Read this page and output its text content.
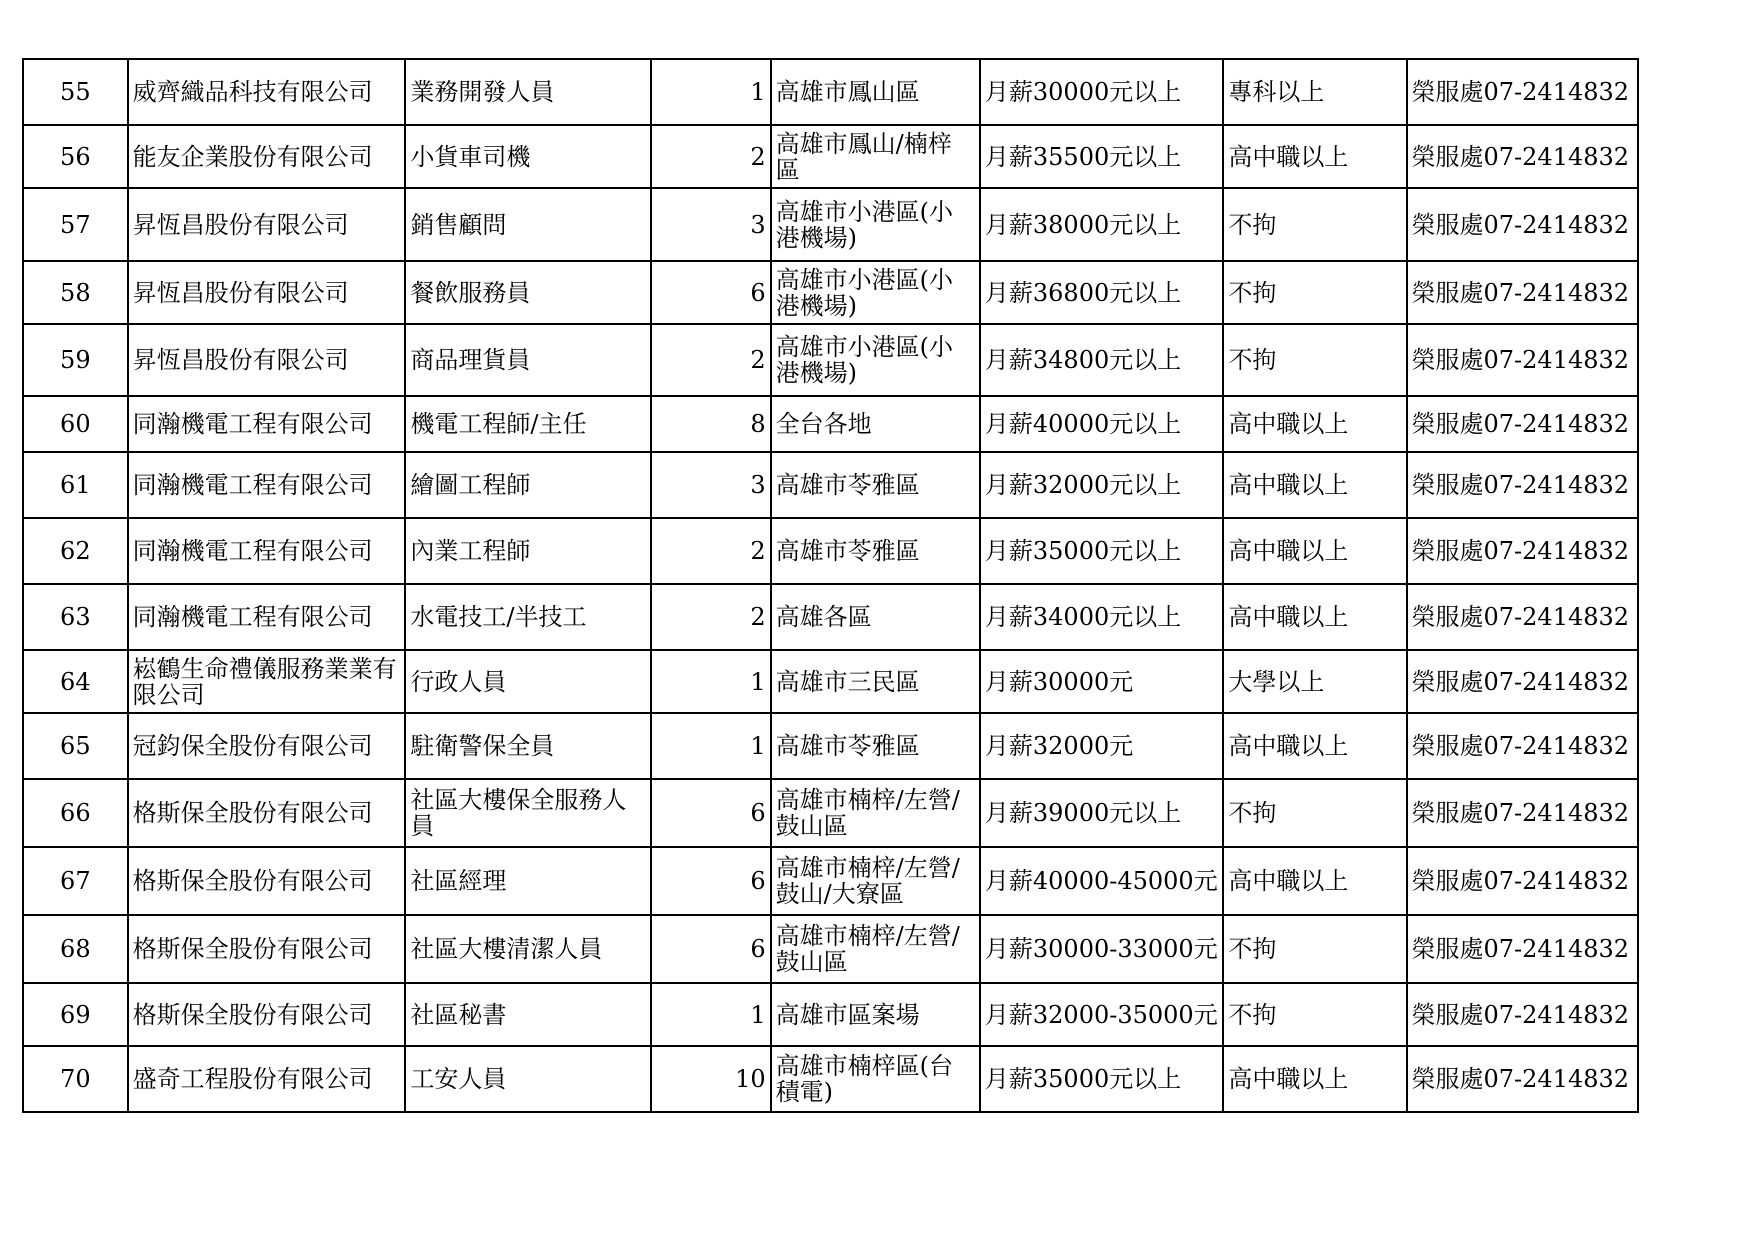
55	威齊織品科技有限公司	業務開發人員	1	高雄市鳳山區	月薪30000元以上	專科以上	榮服處07-2414832
56	能友企業股份有限公司	小貨車司機	2	高雄市鳳山/楠梓區	月薪35500元以上	高中職以上	榮服處07-2414832
57	昇恆昌股份有限公司	銷售顧問	3	高雄市小港區(小港機場)	月薪38000元以上	不拘	榮服處07-2414832
58	昇恆昌股份有限公司	餐飲服務員	6	高雄市小港區(小港機場)	月薪36800元以上	不拘	榮服處07-2414832
59	昇恆昌股份有限公司	商品理貨員	2	高雄市小港區(小港機場)	月薪34800元以上	不拘	榮服處07-2414832
60	同瀚機電工程有限公司	機電工程師/主任	8	全台各地	月薪40000元以上	高中職以上	榮服處07-2414832
61	同瀚機電工程有限公司	繪圖工程師	3	高雄市苓雅區	月薪32000元以上	高中職以上	榮服處07-2414832
62	同瀚機電工程有限公司	內業工程師	2	高雄市苓雅區	月薪35000元以上	高中職以上	榮服處07-2414832
63	同瀚機電工程有限公司	水電技工/半技工	2	高雄各區	月薪34000元以上	高中職以上	榮服處07-2414832
64	崧鶴生命禮儀服務業業有限公司	行政人員	1	高雄市三民區	月薪30000元	大學以上	榮服處07-2414832
65	冠鈞保全股份有限公司	駐衛警保全員	1	高雄市苓雅區	月薪32000元	高中職以上	榮服處07-2414832
66	格斯保全股份有限公司	社區大樓保全服務人員	6	高雄市楠梓/左營/鼓山區	月薪39000元以上	不拘	榮服處07-2414832
67	格斯保全股份有限公司	社區經理	6	高雄市楠梓/左營/鼓山/大寮區	月薪40000-45000元	高中職以上	榮服處07-2414832
68	格斯保全股份有限公司	社區大樓清潔人員	6	高雄市楠梓/左營/鼓山區	月薪30000-33000元	不拘	榮服處07-2414832
69	格斯保全股份有限公司	社區秘書	1	高雄市區案場	月薪32000-35000元	不拘	榮服處07-2414832
70	盛奇工程股份有限公司	工安人員	10	高雄市楠梓區(台積電)	月薪35000元以上	高中職以上	榮服處07-2414832
